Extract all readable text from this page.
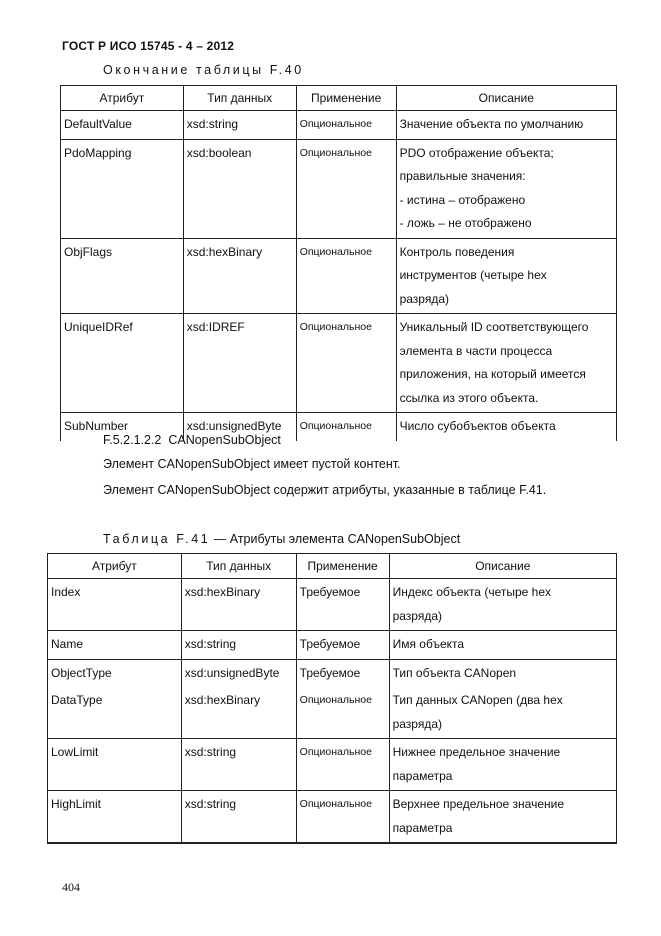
ГОСТ Р ИСО 15745 - 4 – 2012
Окончание таблицы F.40
Атрибут	Тип данных	Применение	Описание
DefaultValue	xsd:string	Опциональное	Значение объекта по умолчанию

PdoMapping	xsd:boolean	Опциональное	PDO отображение объекта;
правильные значения:
- истина – отображено
- ложь – не отображено

ObjFlags	xsd:hexBinary	Опциональное	Контроль поведения
инструментов (четыре hex
разряда)

UniqueIDRef	xsd:IDREF	Опциональное	Уникальный ID соответствующего
элемента в части процесса
приложения, на который имеется
ссылка из этого объекта.

SubNumber	xsd:unsignedByte	Опциональное	Число субобъектов объекта
F.5.2.1.2.2 CANopenSubObject
Элемент CANopenSubObject имеет пустой контент.
Элемент CANopenSubObject содержит атрибуты, указанные в таблице F.41.
Таблица F.41 — Атрибуты элемента CANopenSubObject
Атрибут	Тип данных	Применение	Описание
Index	xsd:hexBinary	Требуемое	Индекс объекта (четыре hex
разряда)

Name	xsd:string	Требуемое	Имя объекта

ObjectType	xsd:unsignedByte	Требуемое	Тип объекта CANopen

DataType	xsd:hexBinary	Опциональное	Тип данных CANopen (два hex
разряда)

LowLimit	xsd:string	Опциональное	Нижнее предельное значение
параметра

HighLimit	xsd:string	Опциональное	Верхнее предельное значение
параметра
404
